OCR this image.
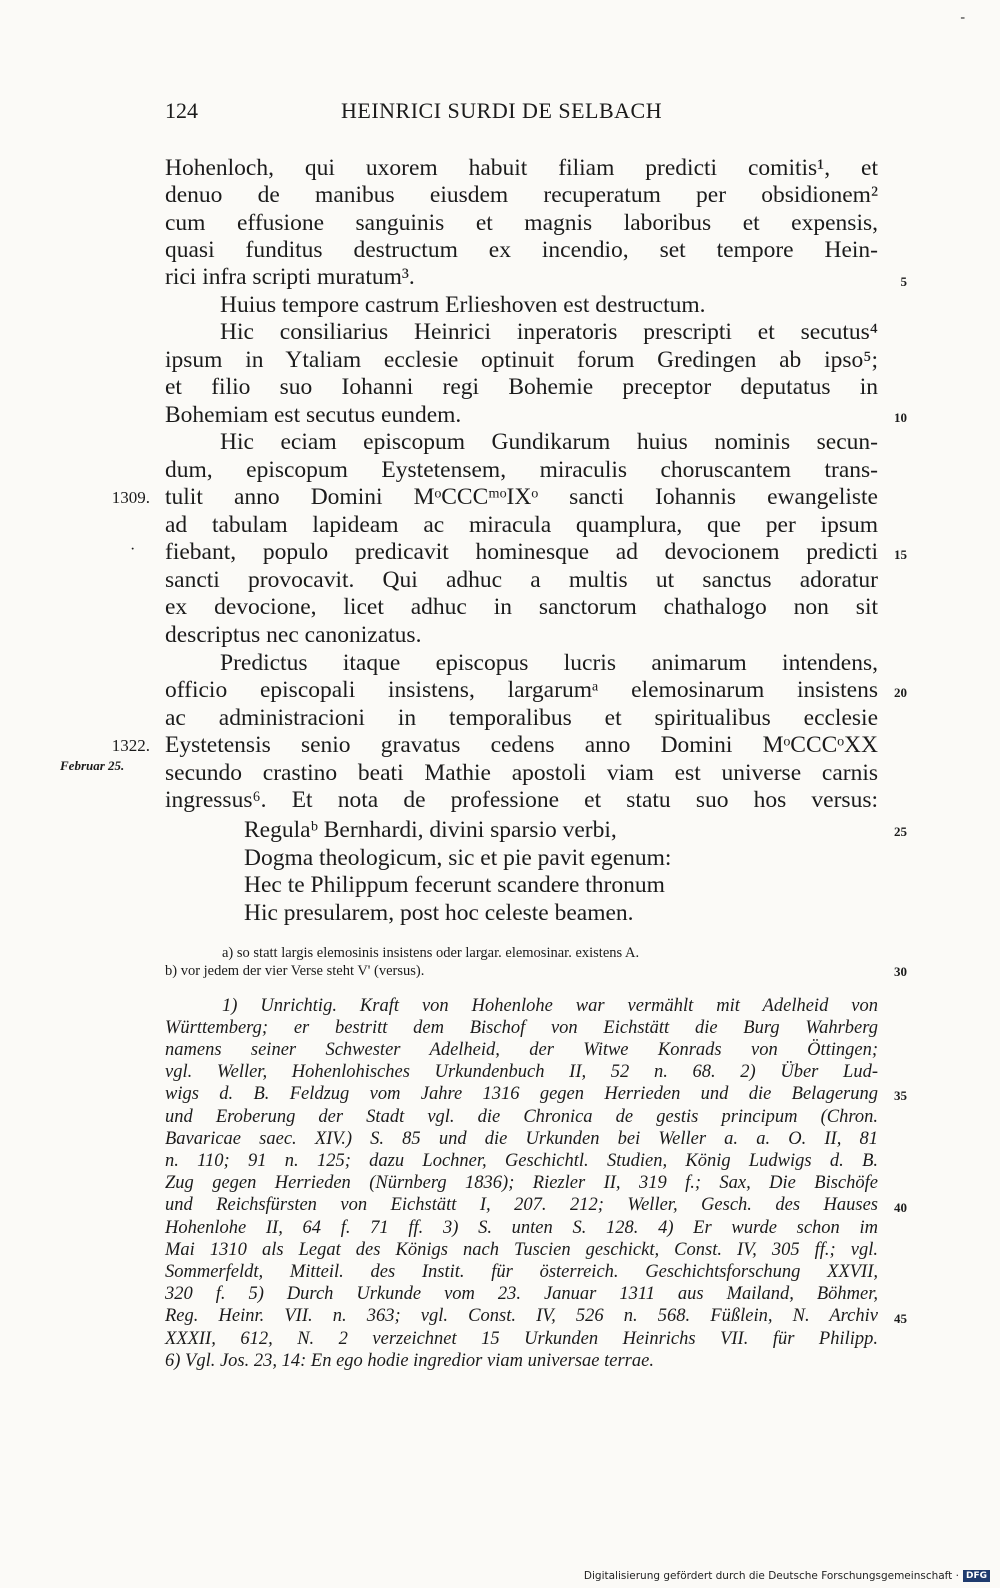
-
124	HEINRICI SURDI DE SELBACH
Hohenloch, qui uxorem habuit filiam predicti comitis¹, et
denuo de manibus eiusdem recuperatum per obsidionem²
cum effusione sanguinis et magnis laboribus et expensis,
quasi funditus destructum ex incendio, set tempore Hein-
rici infra scripti muratum³.
Huius tempore castrum Erlieshoven est destructum.
Hic consiliarius Heinrici inperatoris prescripti et secutus⁴
ipsum in Ytaliam ecclesie optinuit forum Gredingen ab ipso⁵;
et filio suo Iohanni regi Bohemie preceptor deputatus in
Bohemiam est secutus eundem.
Hic eciam episcopum Gundikarum huius nominis secun-
dum, episcopum Eystetensem, miraculis choruscantem trans-
tulit anno Domini MᵒCCCᵐᵒIXᵒ sancti Iohannis ewangeliste
ad tabulam lapideam ac miracula quamplura, que per ipsum
fiebant, populo predicavit hominesque ad devocionem predicti
sancti provocavit. Qui adhuc a multis ut sanctus adoratur
ex devocione, licet adhuc in sanctorum chathalogo non sit
descriptus nec canonizatus.
Predictus itaque episcopus lucris animarum intendens,
officio episcopali insistens, largarumᵃ elemosinarum insistens
ac administracioni in temporalibus et spiritualibus ecclesie
Eystetensis senio gravatus cedens anno Domini MᵒCCCᵒXX
secundo crastino beati Mathie apostoli viam est universe carnis
ingressus⁶. Et nota de professione et statu suo hos versus:
Regulaᵇ Bernhardi, divini sparsio verbi,
Dogma theologicum, sic et pie pavit egenum:
Hec te Philippum fecerunt scandere thronum
Hic presularem, post hoc celeste beamen.
5
10
15
20
25
30
35
40
45
1309.
·
1322.
Februar 25.
a) so statt largis elemosinis insistens oder largar. elemosinar. existens A.
b) vor jedem der vier Verse steht V' (versus).
1) Unrichtig. Kraft von Hohenlohe war vermählt mit Adelheid von
Württemberg; er bestritt dem Bischof von Eichstätt die Burg Wahrberg
namens seiner Schwester Adelheid, der Witwe Konrads von Öttingen;
vgl. Weller, Hohenlohisches Urkundenbuch II, 52 n. 68. 2) Über Lud-
wigs d. B. Feldzug vom Jahre 1316 gegen Herrieden und die Belagerung
und Eroberung der Stadt vgl. die Chronica de gestis principum (Chron.
Bavaricae saec. XIV.) S. 85 und die Urkunden bei Weller a. a. O. II, 81
n. 110; 91 n. 125; dazu Lochner, Geschichtl. Studien, König Ludwigs d. B.
Zug gegen Herrieden (Nürnberg 1836); Riezler II, 319 f.; Sax, Die Bischöfe
und Reichsfürsten von Eichstätt I, 207. 212; Weller, Gesch. des Hauses
Hohenlohe II, 64 f. 71 ff. 3) S. unten S. 128. 4) Er wurde schon im
Mai 1310 als Legat des Königs nach Tuscien geschickt, Const. IV, 305 ff.; vgl.
Sommerfeldt, Mitteil. des Instit. für österreich. Geschichtsforschung XXVII,
320 f. 5) Durch Urkunde vom 23. Januar 1311 aus Mailand, Böhmer,
Reg. Heinr. VII. n. 363; vgl. Const. IV, 526 n. 568. Füßlein, N. Archiv
XXXII, 612, N. 2 verzeichnet 15 Urkunden Heinrichs VII. für Philipp.
6) Vgl. Jos. 23, 14: En ego hodie ingredior viam universae terrae.
Digitalisierung gefördert durch die Deutsche Forschungsgemeinschaft · DFG
